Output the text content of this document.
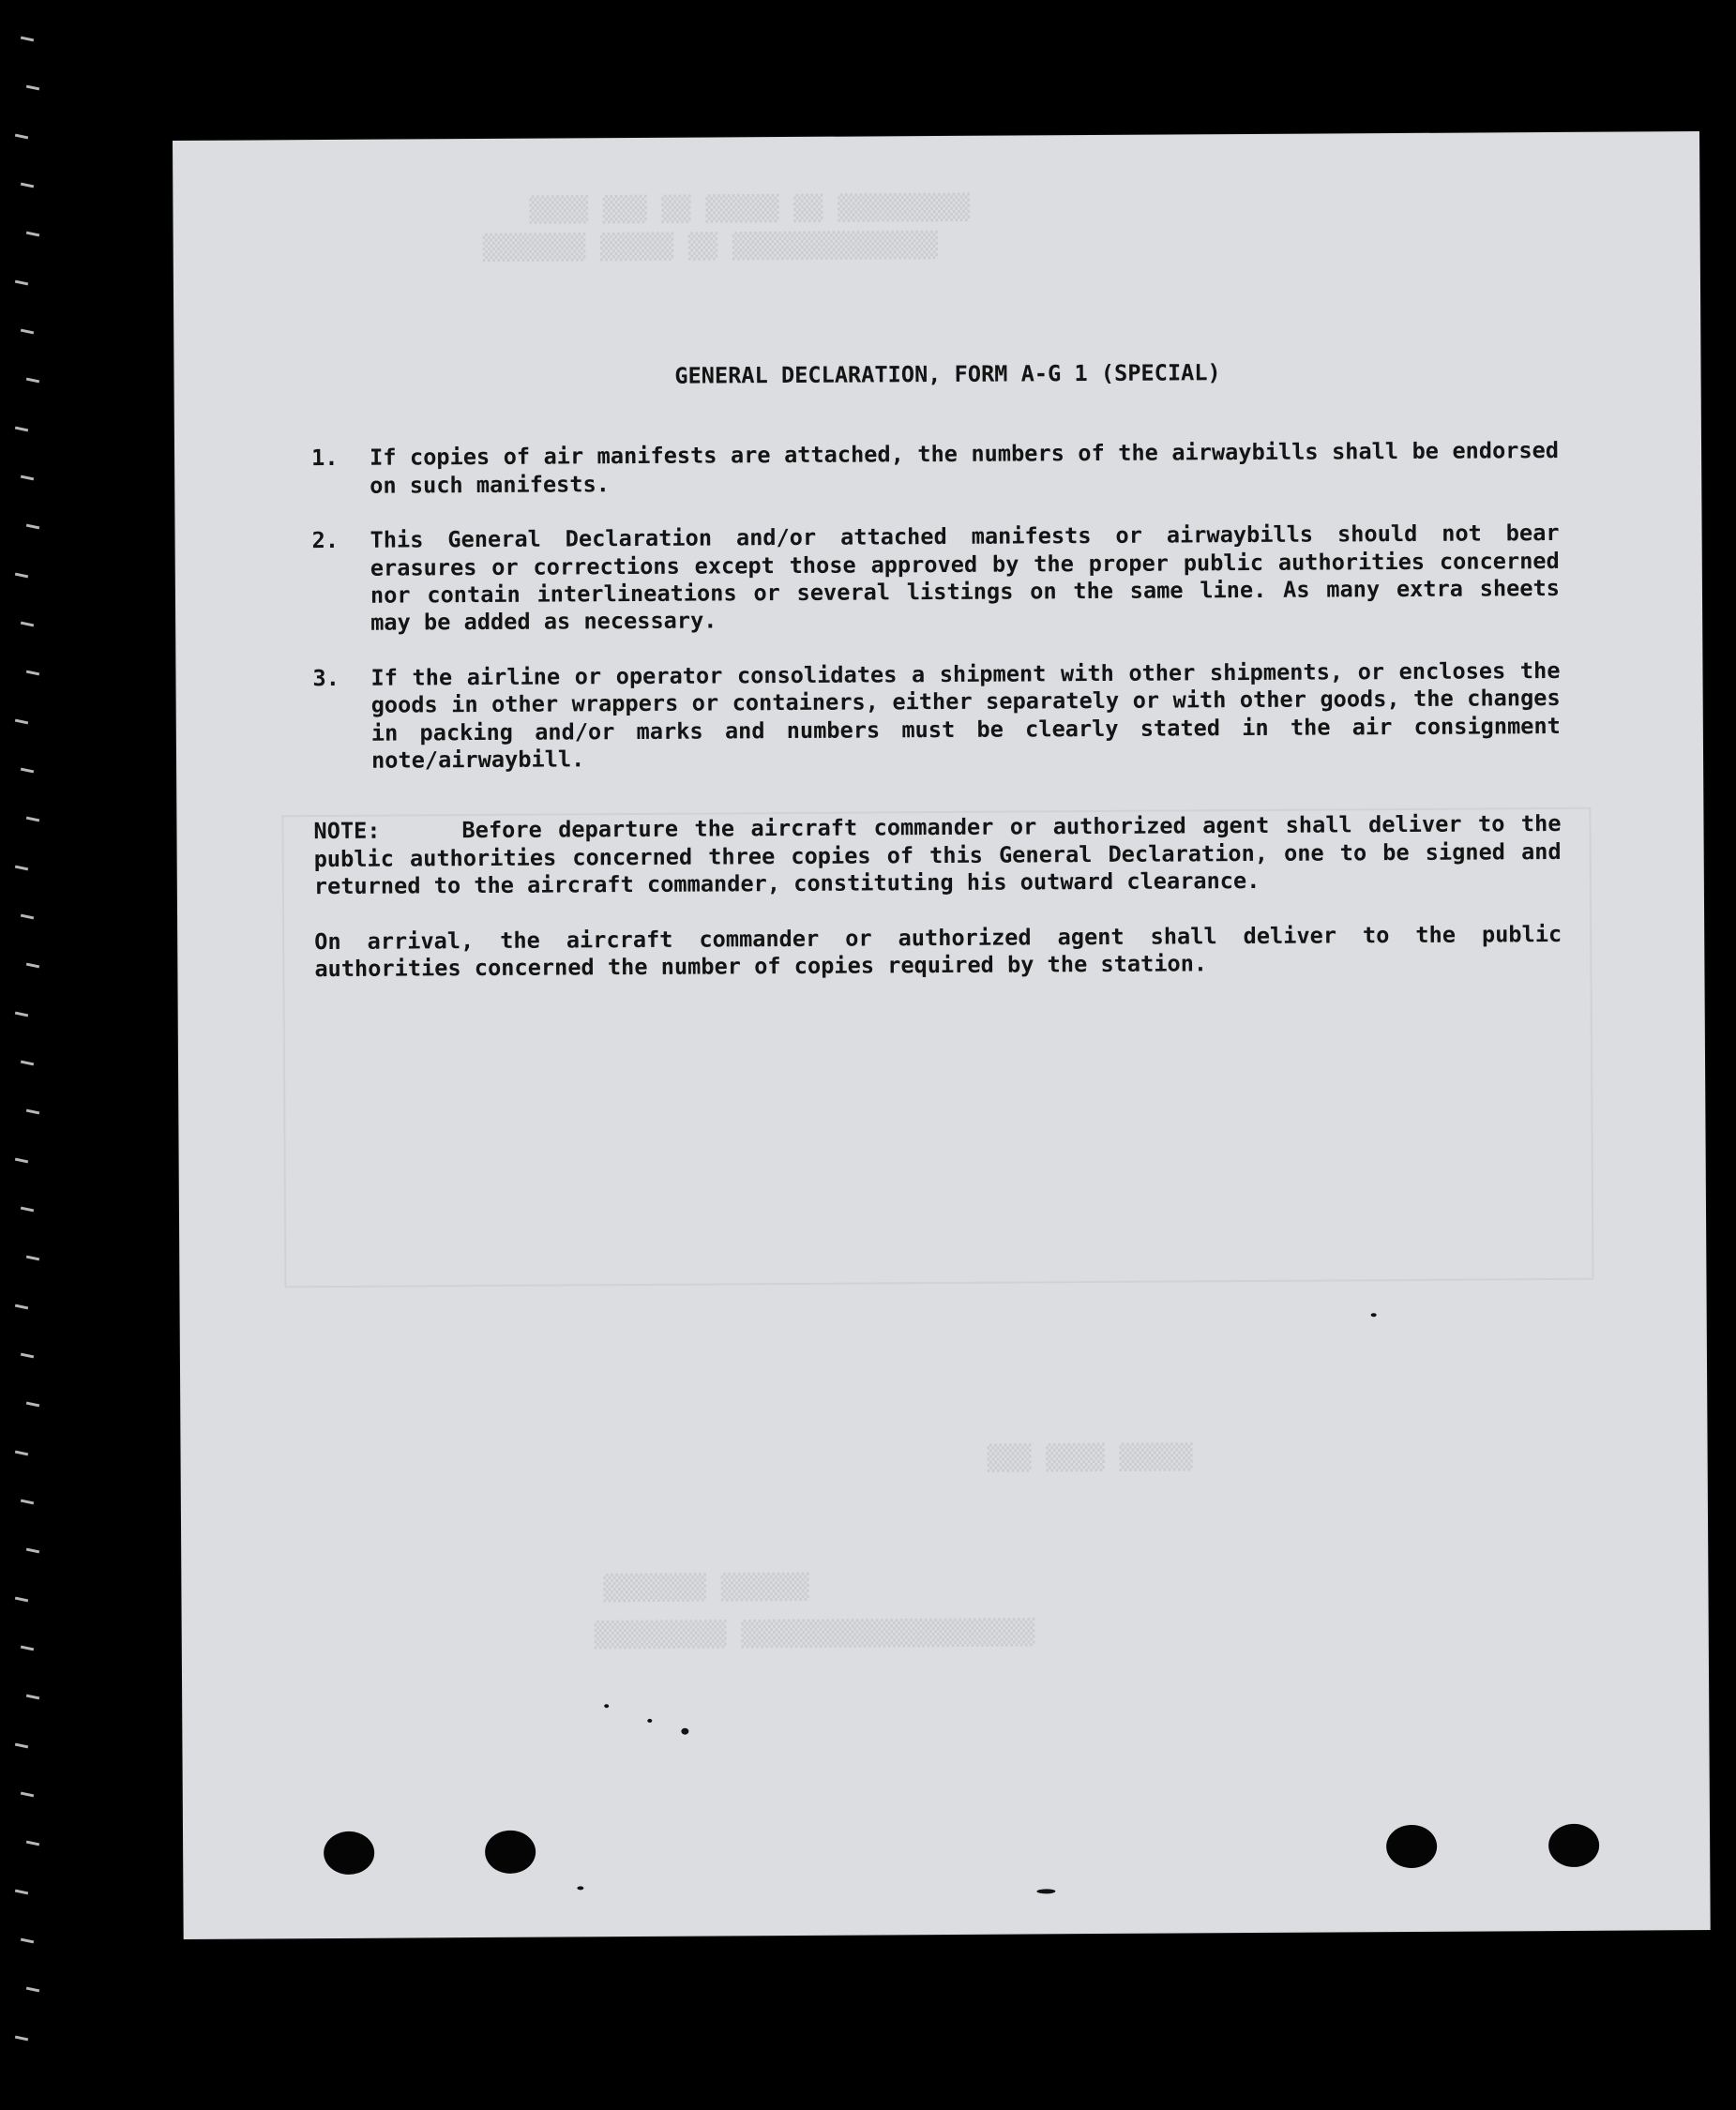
▒▒▒▒ ▒▒▒ ▒▒ ▒▒▒▒▒ ▒▒ ▒▒▒▒▒▒▒▒▒
▒▒▒▒▒▒▒ ▒▒▒▒▒ ▒▒ ▒▒▒▒▒▒▒▒▒▒▒▒▒▒
▒▒▒ ▒▒▒▒ ▒▒▒▒▒
▒▒▒▒▒▒▒ ▒▒▒▒▒▒
▒▒▒▒▒▒▒▒▒ ▒▒▒▒▒▒▒▒▒▒▒▒▒▒▒▒▒▒▒▒
GENERAL DECLARATION, FORM A-G 1 (SPECIAL)
1.	If copies of air manifests are attached, the numbers of the airwaybills shall be endorsed on such manifests.
2.	This General Declaration and/or attached manifests or airwaybills should not bear erasures or corrections except those approved by the proper public authorities concerned nor contain interlineations or several listings on the same line. As many extra sheets may be added as necessary.
3.	If the airline or operator consolidates a shipment with other shipments, or encloses the goods in other wrappers or containers, either separately or with other goods, the changes in packing and/or marks and numbers must be clearly stated in the air consignment note/airwaybill.
NOTE:	Before departure the aircraft commander or authorized agent shall deliver to the public authorities concerned three copies of this General Declaration, one to be signed and returned to the aircraft commander, constituting his outward clearance.
On arrival, the aircraft commander or authorized agent shall deliver to the public authorities concerned the number of copies required by the station.
